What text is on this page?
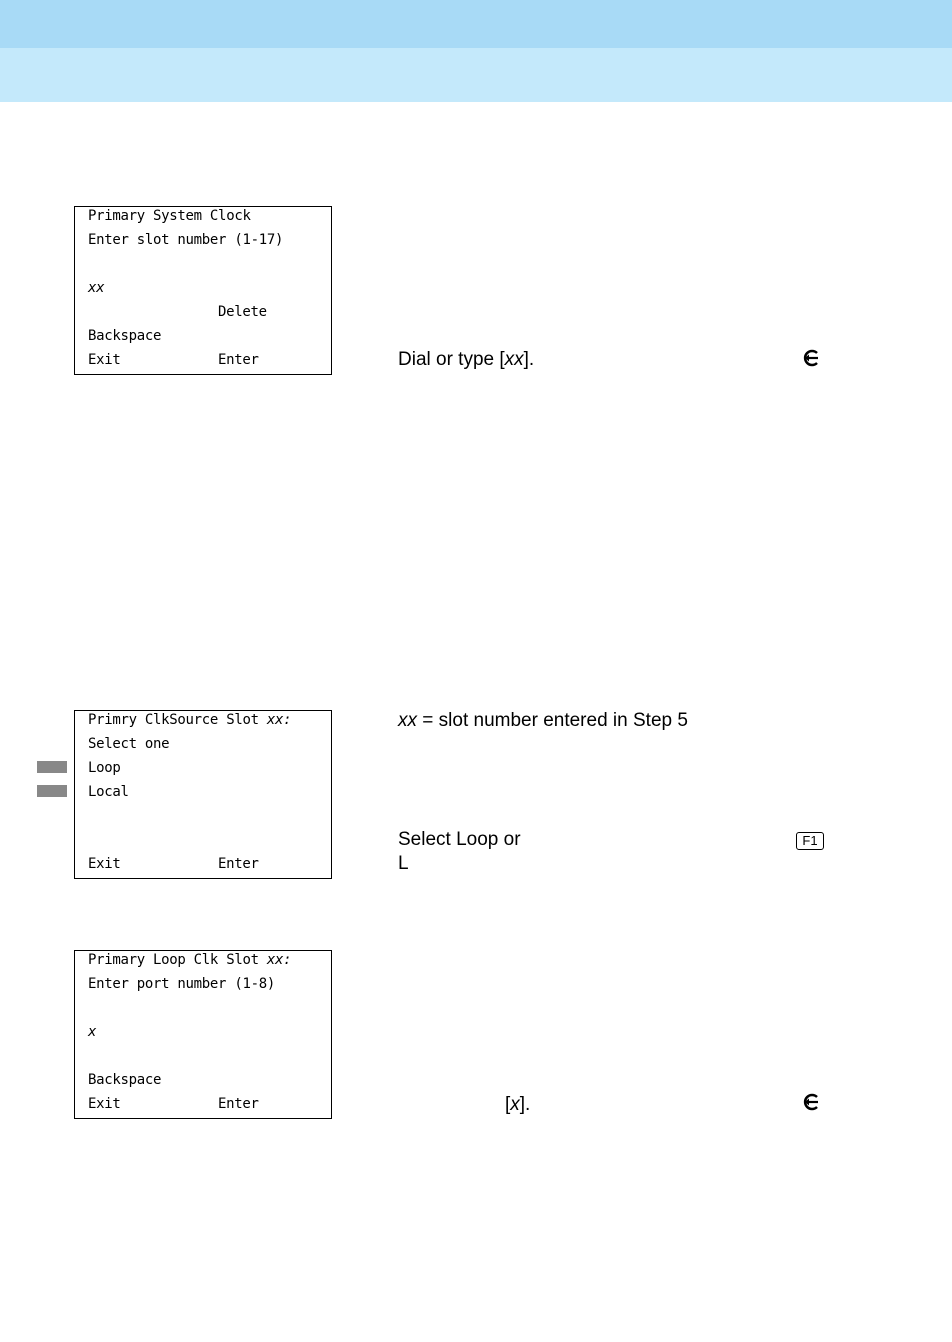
Primary System Clock
Enter slot number (1-17)
xx
Delete
Backspace
Exit	Enter	Dial or type [xx].
Primry ClkSource Slot xx:
Select one
Loop
Local
Exit	Enter
xx = slot number entered in Step 5
Select Loop or
L
F1
Primary Loop Clk Slot xx:
Enter port number (1-8)
x
Backspace
Exit	Enter	[x].
